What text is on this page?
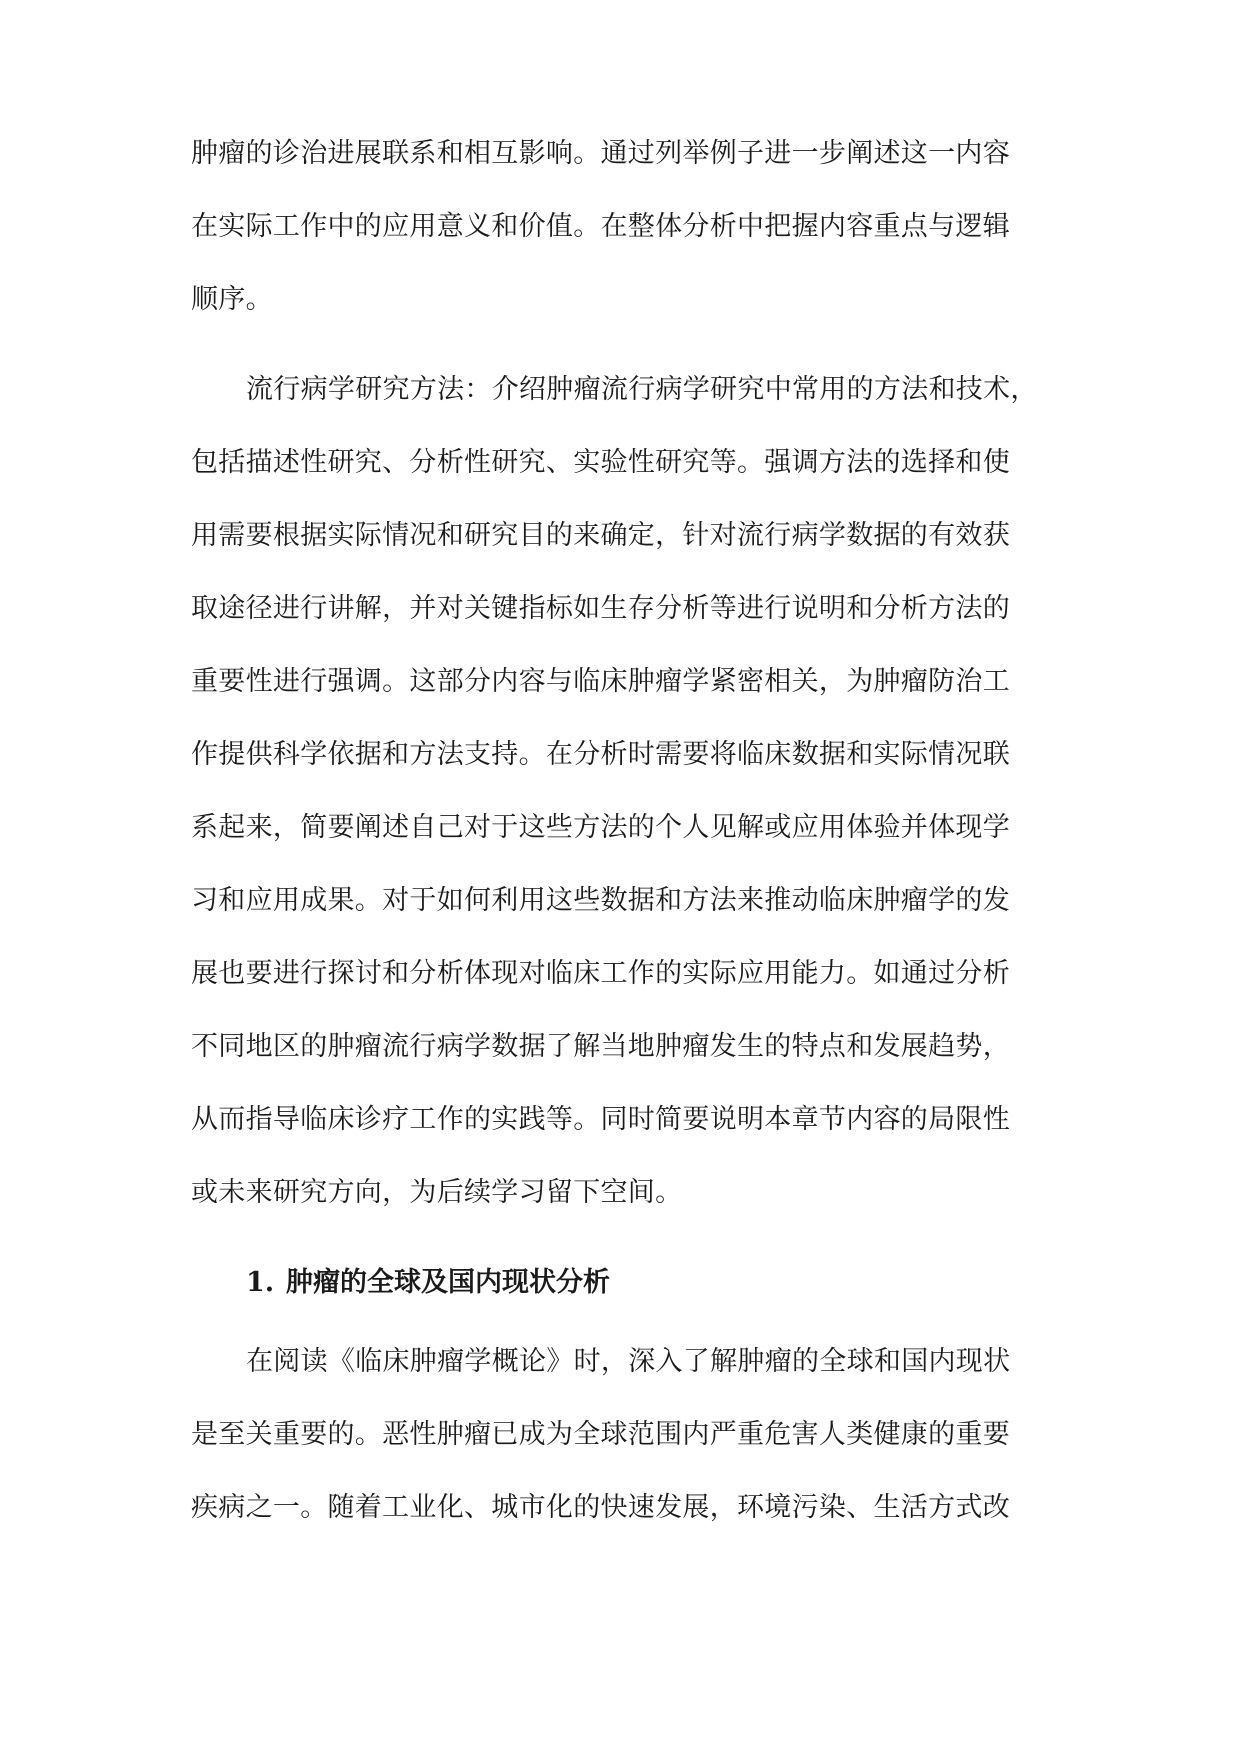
肿瘤的诊治进展联系和相互影响。通过列举例子进一步阐述这一内容
在实际工作中的应用意义和价值。在整体分析中把握内容重点与逻辑
顺序。
流行病学研究方法：介绍肿瘤流行病学研究中常用的方法和技术，
包括描述性研究、分析性研究、实验性研究等。强调方法的选择和使
用需要根据实际情况和研究目的来确定，针对流行病学数据的有效获
取途径进行讲解，并对关键指标如生存分析等进行说明和分析方法的
重要性进行强调。这部分内容与临床肿瘤学紧密相关，为肿瘤防治工
作提供科学依据和方法支持。在分析时需要将临床数据和实际情况联
系起来，简要阐述自己对于这些方法的个人见解或应用体验并体现学
习和应用成果。对于如何利用这些数据和方法来推动临床肿瘤学的发
展也要进行探讨和分析体现对临床工作的实际应用能力。如通过分析
不同地区的肿瘤流行病学数据了解当地肿瘤发生的特点和发展趋势，
从而指导临床诊疗工作的实践等。同时简要说明本章节内容的局限性
或未来研究方向，为后续学习留下空间。
1. 肿瘤的全球及国内现状分析
在阅读《临床肿瘤学概论》时，深入了解肿瘤的全球和国内现状
是至关重要的。恶性肿瘤已成为全球范围内严重危害人类健康的重要
疾病之一。随着工业化、城市化的快速发展，环境污染、生活方式改
